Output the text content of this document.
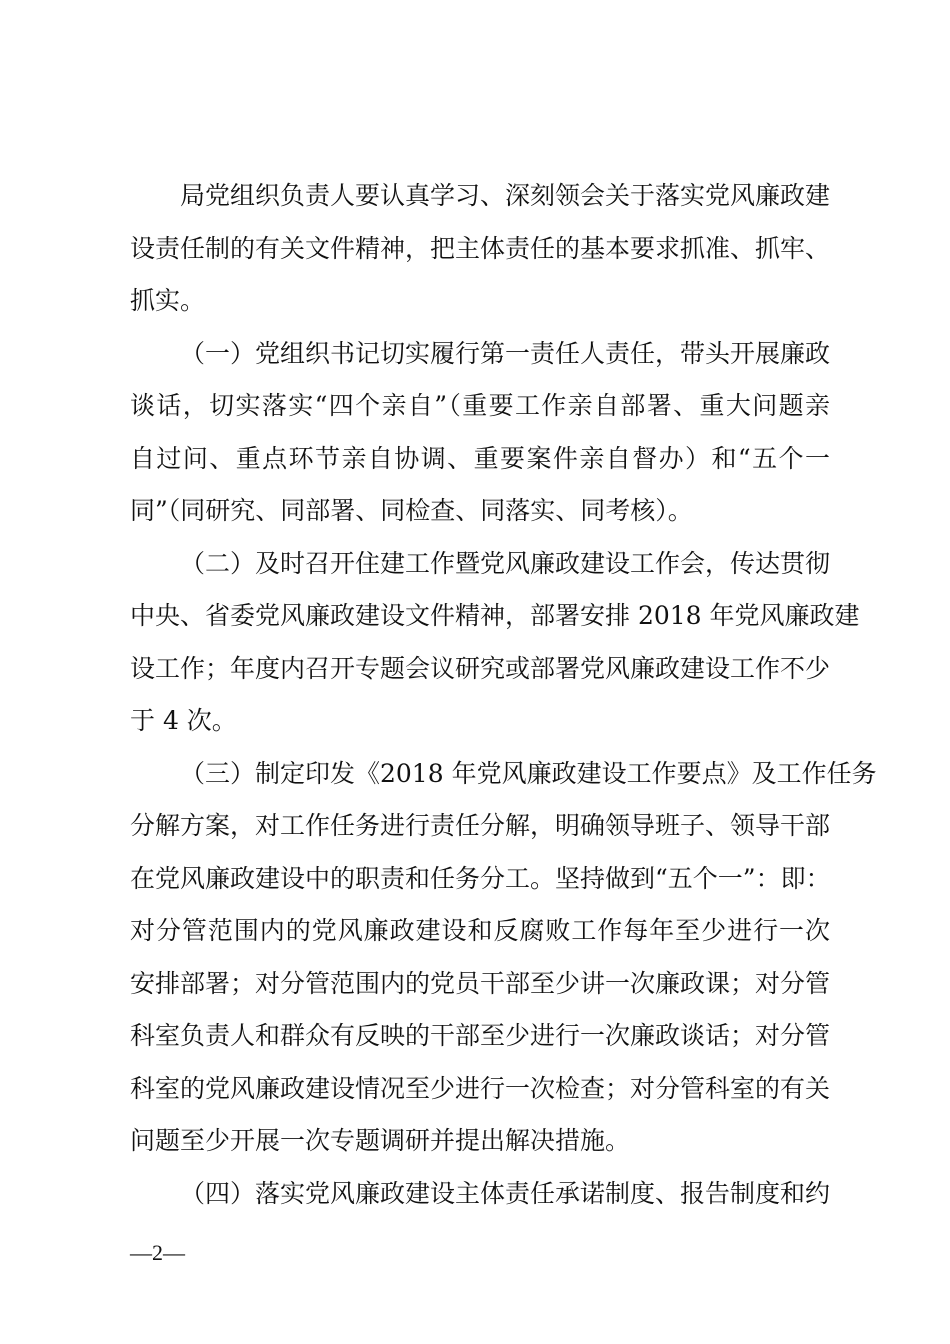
局党组织负责人要认真学习、深刻领会关于落实党风廉政建
设责任制的有关文件精神，把主体责任的基本要求抓准、抓牢、
抓实。
（一）党组织书记切实履行第一责任人责任，带头开展廉政
谈话，切实落实“四个亲自”（重要工作亲自部署、重大问题亲
自过问、重点环节亲自协调、重要案件亲自督办）和“五个一
同”（同研究、同部署、同检查、同落实、同考核）。
（二）及时召开住建工作暨党风廉政建设工作会，传达贯彻
中央、省委党风廉政建设文件精神，部署安排 2018 年党风廉政建
设工作；年度内召开专题会议研究或部署党风廉政建设工作不少
于 4 次。
（三）制定印发《2018 年党风廉政建设工作要点》及工作任务
分解方案，对工作任务进行责任分解，明确领导班子、领导干部
在党风廉政建设中的职责和任务分工。坚持做到“五个一”：即：
对分管范围内的党风廉政建设和反腐败工作每年至少进行一次
安排部署；对分管范围内的党员干部至少讲一次廉政课；对分管
科室负责人和群众有反映的干部至少进行一次廉政谈话；对分管
科室的党风廉政建设情况至少进行一次检查；对分管科室的有关
问题至少开展一次专题调研并提出解决措施。
（四）落实党风廉政建设主体责任承诺制度、报告制度和约
—2—
